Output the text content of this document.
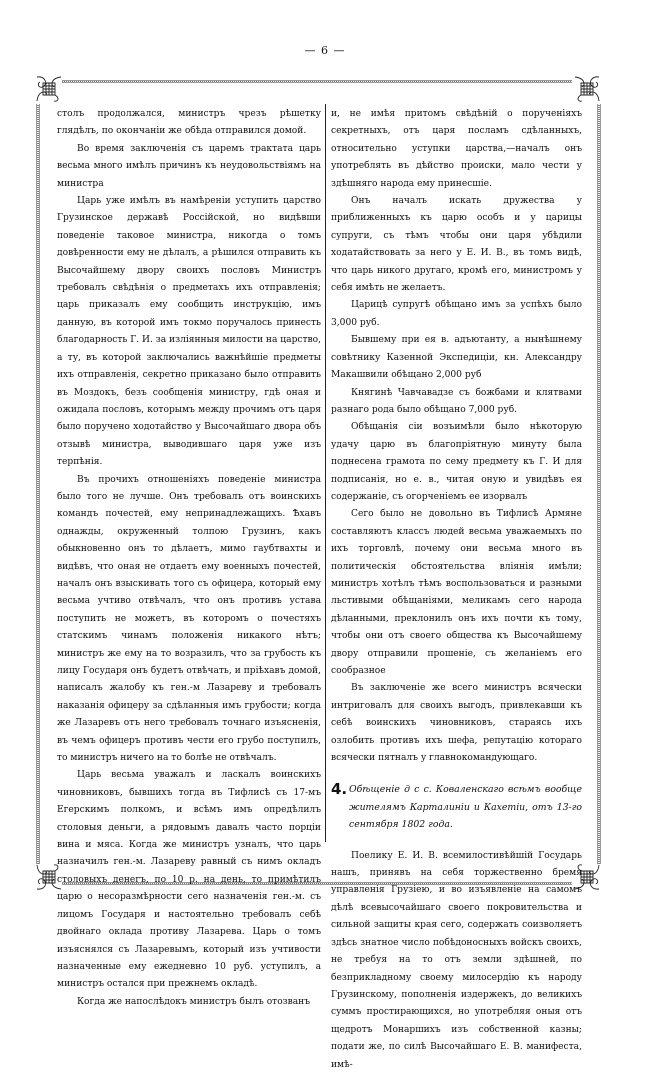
— 6 —

столъ продолжался, министръ чрезъ рѣшетку глядѣлъ, по окончаніи же обѣда отправился домой.

Во время заключенія съ царемъ трактата царь весьма много имѣлъ причинъ къ неудовольствіямъ на министра

Царь уже имѣлъ въ намѣреніи уступить царство Грузинское державѣ Россійской, но видѣвши поведеніе таковое министра, никогда о томъ довѣренности ему не дѣлалъ, а рѣшился отправить къ Высочайшему двору своихъ пословъ Министръ требовалъ свѣдѣнія о предметахъ ихъ отправленія; царь приказалъ ему сообщить инструкцію, имъ данную, въ которой имъ токмо поручалось принесть благодарность Г. И. за излiянныя милости на царство, а ту, въ которой заключались важнѣйшіе предметы ихъ отправленія, секретно приказано было отправить въ Моздокъ, безъ сообщенія министру, гдѣ оная и ожидала пословъ, которымъ между прочимъ отъ царя было поручено ходотайство у Высочайшаго двора объ отзывѣ министра, выводившаго царя уже изъ терпѣнія.

Въ прочихъ отношеніяхъ поведеніе министра было того не лучше. Онъ требовалъ отъ воинскихъ командъ почестей, ему непринадлежащихъ. Ѣхавъ однажды, окруженный толпою Грузинъ, какъ обыкновенно онъ то дѣлаетъ, мимо гаубтвахты и видѣвъ, что оная не отдаетъ ему военныхъ почестей, началъ онъ взыскивать того съ офицера, который ему весьма учтиво отвѣчалъ, что онъ противъ устава поступить не можетъ, въ которомъ о почестяхъ статскимъ чинамъ положенія никакого нѣтъ; министръ же ему на то возразилъ, что за грубость къ лицу Государя онъ будетъ отвѣчать, и пріѣхавъ домой, написалъ жалобу къ ген.-м Лазареву и требовалъ наказанія офицеру за сдѣланныя имъ грубости; когда же Лазаревъ отъ него требовалъ точнаго изъясненія, въ чемъ офицеръ противъ чести его грубо поступилъ, то министръ ничего на то болѣе не отвѣчалъ.

Царь весьма уважалъ и ласкалъ воинскихъ чиновниковъ, бывшихъ тогда въ Тифлисѣ съ 17-мъ Егерскимъ полкомъ, и всѣмъ имъ опредѣлилъ столовыя деньги, а рядовымъ давалъ часто порціи вина и мяса. Когда же министръ узналъ, что царь назначилъ ген.-м. Лазареву равный съ нимъ окладъ столовыхъ денегъ, по 10 р. на день, то примѣтилъ царю о несоразмѣрности сего назначенія ген.-м. съ лицомъ Государя и настоятельно требовалъ себѣ двойнаго оклада противу Лазарева. Царь о томъ изъяснялся съ Лазаревымъ, который изъ учтивости назначенные ему ежедневно 10 руб. уступилъ, а министръ остался при прежнемъ окладѣ.

Когда же напослѣдокъ министръ былъ отозванъ

и, не имѣя притомъ свѣдѣній о порученіяхъ секретныхъ, отъ царя посламъ сдѣланныхъ, относительно уступки царства,—началъ онъ употреблять въ дѣйство происки, мало чести у здѣшняго народа ему принесшіе.

Онъ началъ искать дружества у приближенныхъ къ царю особъ и у царицы супруги, съ тѣмъ чтобы они царя убѣдили ходатайствовать за него у Е. И. В., въ томъ видѣ, что царь никого другаго, кромѣ его, министромъ у себя имѣть не желаетъ.

Царицѣ супругѣ обѣщано имъ за успѣхъ было 3,000 руб.

Бывшему при ея в. адъютанту, а нынѣшнему совѣтнику Казенной Экспедиціи, кн. Александру Макашвили обѣщано 2,000 руб

Княгинѣ Чавчавадзе съ божбами и клятвами разнаго рода было обѣщано 7,000 руб.

Обѣщанія сіи возъимѣли было нѣкоторую удачу царю въ благопріятную минуту была поднесена грамота по сему предмету къ Г. И для подписанія, но е. в., читая оную и увидѣвъ ея содержаніе, съ огорченіемъ ее изорвалъ

Сего было не довольно въ Тифлисѣ Армяне составляютъ классъ людей весьма уважаемыхъ по ихъ торговлѣ, почему они весьма много въ политическія обстоятельства вліянія имѣли; министръ хотѣлъ тѣмъ воспользоваться и разными льстивыми обѣщаніями, меликамъ сего народа дѣланными, преклонилъ онъ ихъ почти къ тому, чтобы они отъ своего общества къ Высочайшему двору отправили прошеніе, съ желаніемъ его сообразное

Въ заключеніе же всего министръ всячески интриговалъ для своихъ выгодъ, привлекавши къ себѣ воинскихъ чиновниковъ, стараясь ихъ озлобить противъ ихъ шефа, репутацію котораго всячески пятналъ у главнокомандующаго.

4. Обѣщеніе д с с. Коваленскаго всѣмъ вообще жителямъ Карталиніи и Кахетіи, отъ 13-го сентября 1802 года.

Поелику Е. И. В. всемилостивѣйшій Государь нашъ, принявъ на себя торжественно бремя управленія Грузіею, и во изъявленіе на самомъ дѣлѣ всевысочайшаго своего покровительства и сильной защиты края сего, содержать соизволяетъ здѣсь знатное число побѣдоносныхъ войскъ своихъ, не требуя на то отъ земли здѣшней, по безприкладному своему милосердію къ народу Грузинскому, пополненія издержекъ, до великихъ суммъ простирающихся, но употребляя оныя отъ щедротъ Монаршихъ изъ собственной казны; подати же, по силѣ Высочайшаго Е. В. манифеста, имѣ-
